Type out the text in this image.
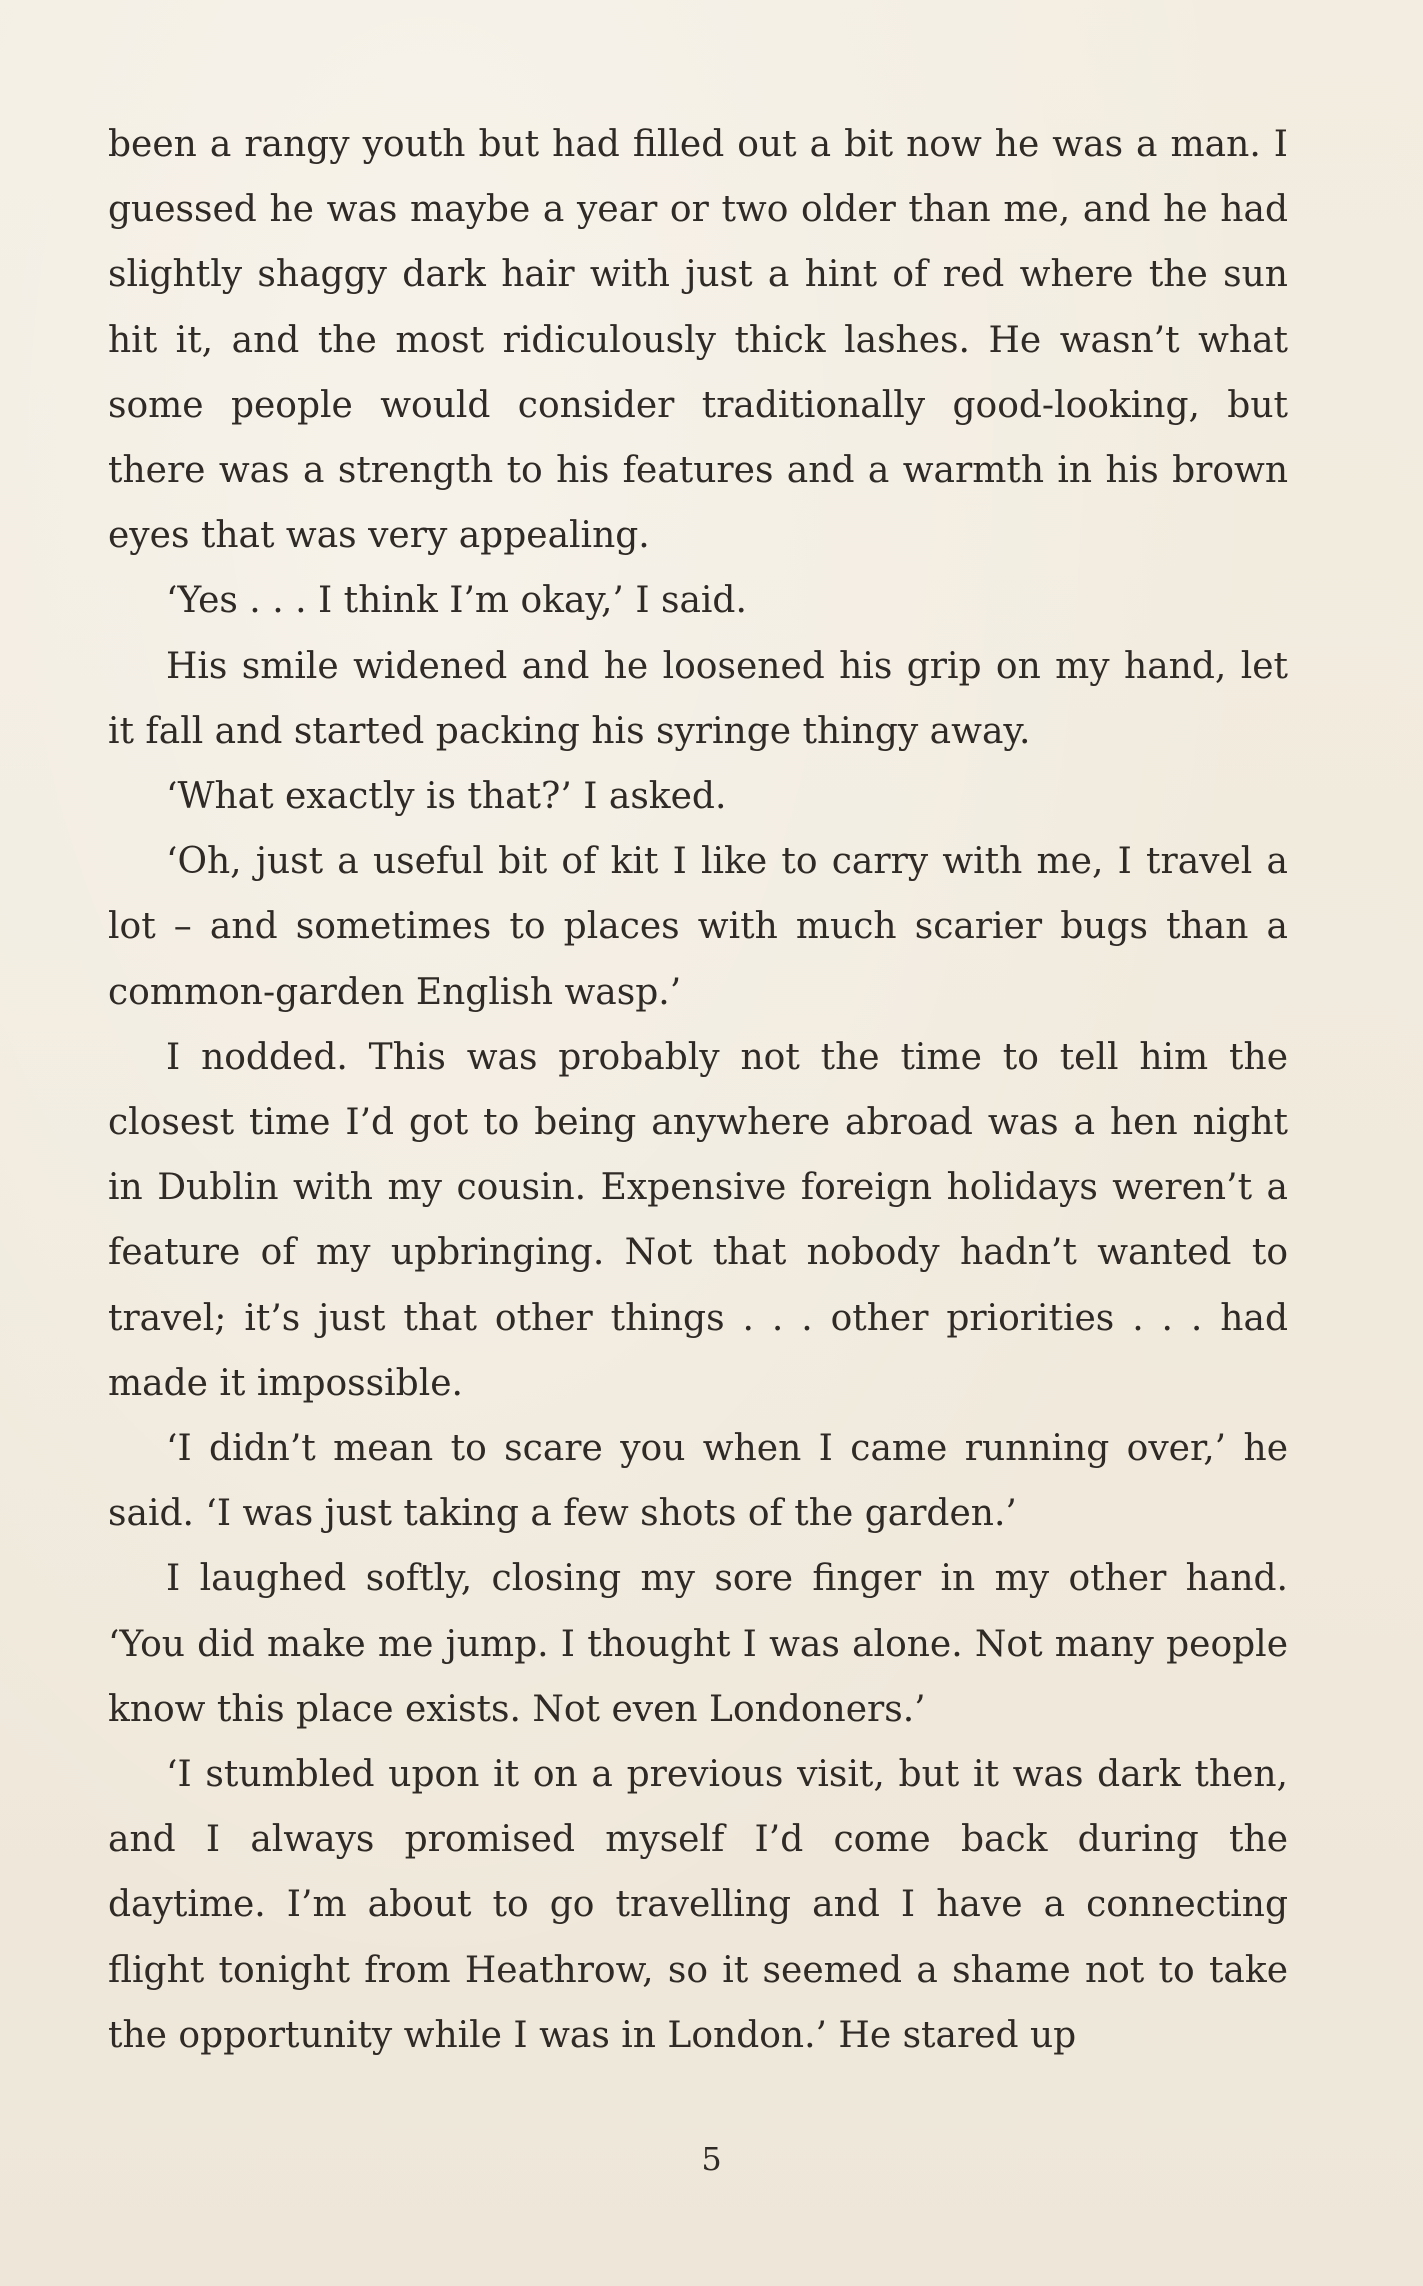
been a rangy youth but had filled out a bit now he was a man. I guessed he was maybe a year or two older than me, and he had slightly shaggy dark hair with just a hint of red where the sun hit it, and the most ridiculously thick lashes. He wasn’t what some people would consider traditionally good-looking, but there was a strength to his features and a warmth in his brown eyes that was very appealing.

‘Yes . . . I think I’m okay,’ I said.

His smile widened and he loosened his grip on my hand, let it fall and started packing his syringe thingy away.

‘What exactly is that?’ I asked.

‘Oh, just a useful bit of kit I like to carry with me, I travel a lot – and sometimes to places with much scarier bugs than a common-garden English wasp.’

I nodded. This was probably not the time to tell him the closest time I’d got to being anywhere abroad was a hen night in Dublin with my cousin. Expensive foreign holidays weren’t a feature of my upbringing. Not that nobody hadn’t wanted to travel; it’s just that other things . . . other priorities . . . had made it impossible.

‘I didn’t mean to scare you when I came running over,’ he said. ‘I was just taking a few shots of the garden.’

I laughed softly, closing my sore finger in my other hand. ‘You did make me jump. I thought I was alone. Not many people know this place exists. Not even Londoners.’

‘I stumbled upon it on a previous visit, but it was dark then, and I always promised myself I’d come back during the daytime. I’m about to go travelling and I have a connecting flight tonight from Heathrow, so it seemed a shame not to take the opportunity while I was in London.’ He stared up

5
